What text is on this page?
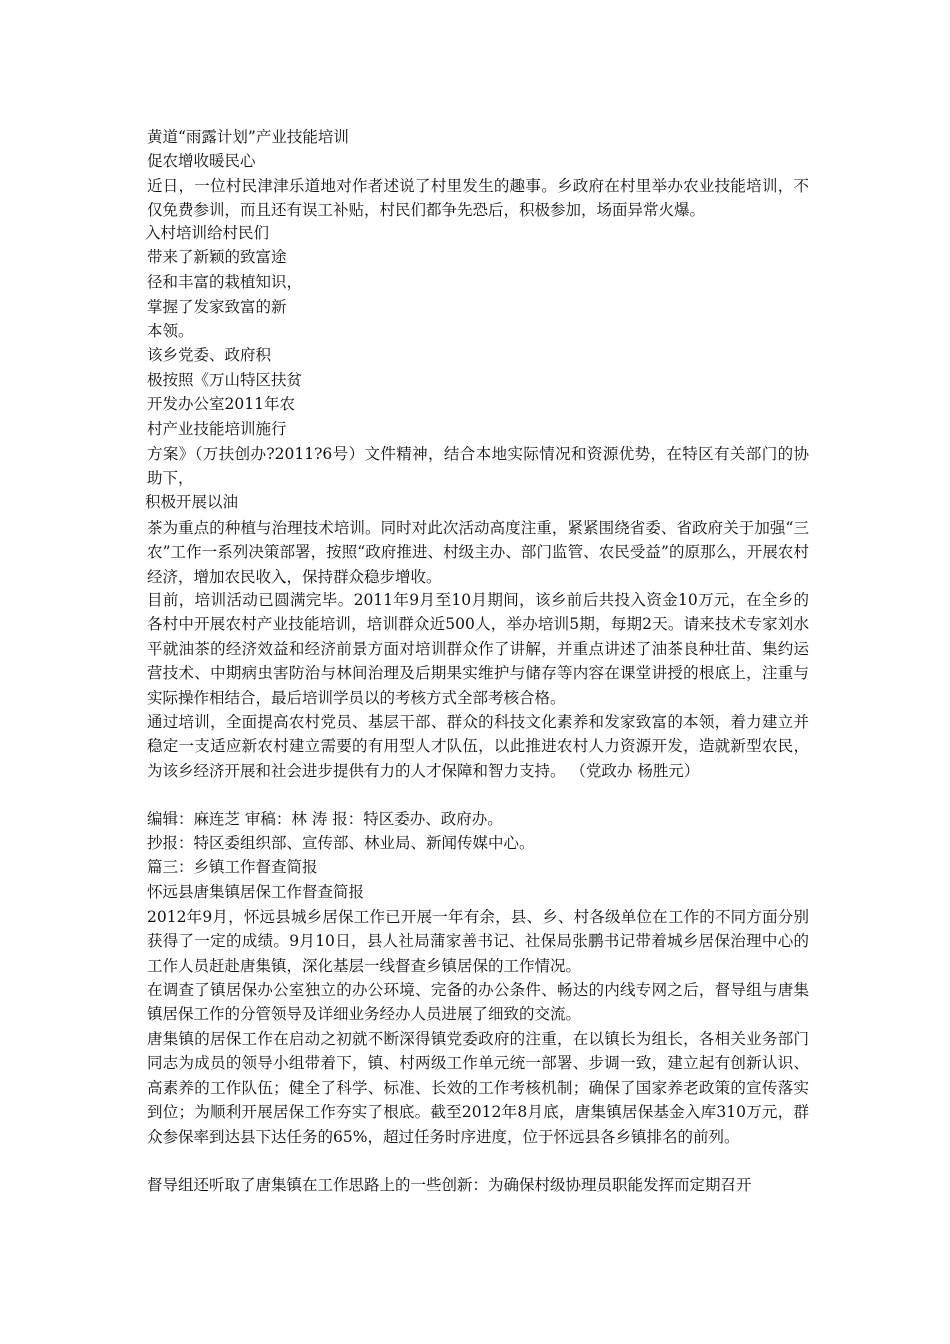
黄道“雨露计划”产业技能培训
促农增收暖民心
近日，一位村民津津乐道地对作者述说了村里发生的趣事。乡政府在村里举办农业技能培训，不仅免费参训，而且还有误工补贴，村民们都争先恐后，积极参加，场面异常火爆。
入村培训给村民们
带来了新颖的致富途
径和丰富的栽植知识，
掌握了发家致富的新
本领。
该乡党委、政府积
极按照《万山特区扶贫
开发办公室2011年农
村产业技能培训施行
方案》（万扶创办?2011?6号）文件精神，结合本地实际情况和资源优势，在特区有关部门的协助下，
积极开展以油
茶为重点的种植与治理技术培训。同时对此次活动高度注重，紧紧围绕省委、省政府关于加强“三农”工作一系列决策部署，按照“政府推进、村级主办、部门监管、农民受益”的原那么，开展农村经济，增加农民收入，保持群众稳步增收。
目前，培训活动已圆满完毕。2011年9月至10月期间，该乡前后共投入资金10万元，在全乡的各村中开展农村产业技能培训，培训群众近500人，举办培训5期，每期2天。请来技术专家刘水平就油茶的经济效益和经济前景方面对培训群众作了讲解，并重点讲述了油茶良种壮苗、集约运营技术、中期病虫害防治与林间治理及后期果实维护与储存等内容在课堂讲授的根底上，注重与实际操作相结合，最后培训学员以的考核方式全部考核合格。
通过培训，全面提高农村党员、基层干部、群众的科技文化素养和发家致富的本领，着力建立并稳定一支适应新农村建立需要的有用型人才队伍，以此推进农村人力资源开发，造就新型农民，为该乡经济开展和社会进步提供有力的人才保障和智力支持。 （党政办 杨胜元）
编辑：麻连芝 审稿：林 涛 报：特区委办、政府办。
抄报：特区委组织部、宣传部、林业局、新闻传媒中心。
篇三：乡镇工作督查简报
怀远县唐集镇居保工作督查简报
2012年9月，怀远县城乡居保工作已开展一年有余，县、乡、村各级单位在工作的不同方面分别获得了一定的成绩。9月10日，县人社局蒲家善书记、社保局张鹏书记带着城乡居保治理中心的工作人员赶赴唐集镇，深化基层一线督查乡镇居保的工作情况。
在调查了镇居保办公室独立的办公环境、完备的办公条件、畅达的内线专网之后，督导组与唐集镇居保工作的分管领导及详细业务经办人员进展了细致的交流。
唐集镇的居保工作在启动之初就不断深得镇党委政府的注重，在以镇长为组长，各相关业务部门同志为成员的领导小组带着下，镇、村两级工作单元统一部署、步调一致，建立起有创新认识、高素养的工作队伍；健全了科学、标准、长效的工作考核机制；确保了国家养老政策的宣传落实到位；为顺利开展居保工作夯实了根底。截至2012年8月底，唐集镇居保基金入库310万元，群众参保率到达县下达任务的65%，超过任务时序进度，位于怀远县各乡镇排名的前列。
督导组还听取了唐集镇在工作思路上的一些创新：为确保村级协理员职能发挥而定期召开
